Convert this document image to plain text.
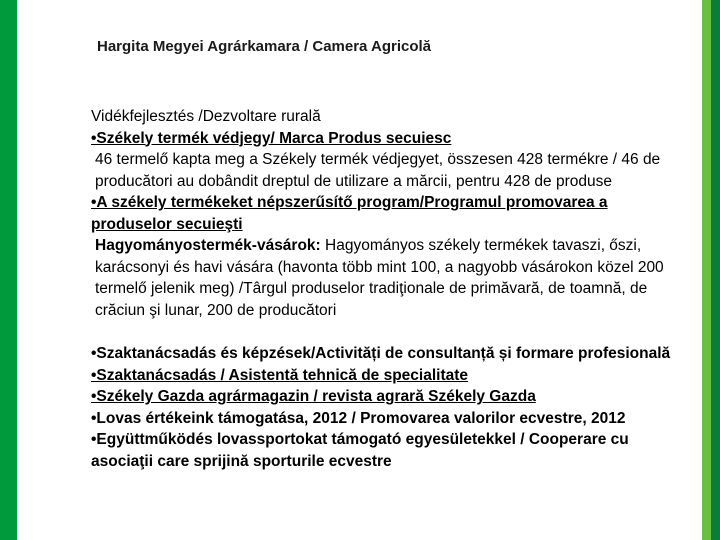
Hargita Megyei Agrárkamara / Camera Agricolă

Vidékfejlesztés /Dezvoltare rurală

•Székely termék védjegy/ Marca Produs secuiesc

46 termelő kapta meg a Székely termék védjegyet, összesen 428 termékre / 46 de producători au dobândit dreptul de utilizare a mărcii, pentru 428 de produse

•A székely termékeket népszerűsítő program/Programul promovarea a produselor secuieşti

Hagyományostermék-vásárok: Hagyományos székely termékek tavaszi, őszi, karácsonyi és havi vására (havonta több mint 100, a nagyobb vásárokon közel 200 termelő jelenik meg) /Târgul produselor tradiţionale de primăvară, de toamnă, de crăciun şi lunar, 200 de producători

•Szaktanácsadás és képzések/Activități de consultanță și formare profesională

•Szaktanácsadás / Asistentă tehnică de specialitate

•Székely Gazda agrármagazin / revista agrară Székely Gazda

•Lovas értékeink támogatása, 2012 / Promovarea valorilor ecvestre, 2012

•Együttműködés lovassportokat támogató egyesületekkel / Cooperare cu asociaţii care sprijină sporturile ecvestre
